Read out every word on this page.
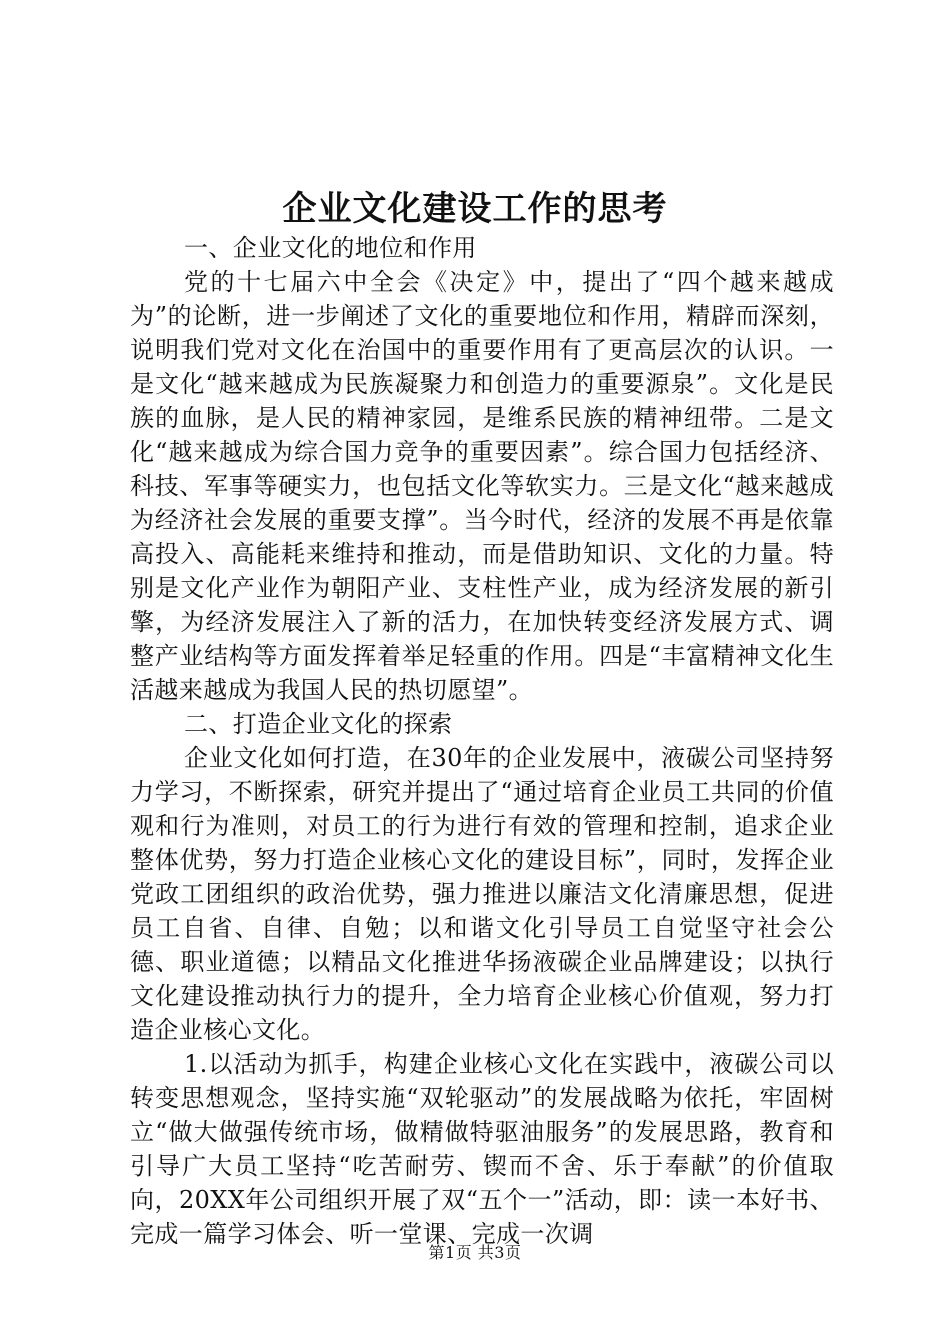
企业文化建设工作的思考

一、企业文化的地位和作用

党的十七届六中全会《决定》中，提出了“四个越来越成为”的论断，进一步阐述了文化的重要地位和作用，精辟而深刻，说明我们党对文化在治国中的重要作用有了更高层次的认识。一是文化“越来越成为民族凝聚力和创造力的重要源泉”。文化是民族的血脉，是人民的精神家园，是维系民族的精神纽带。二是文化“越来越成为综合国力竞争的重要因素”。综合国力包括经济、科技、军事等硬实力，也包括文化等软实力。三是文化“越来越成为经济社会发展的重要支撑”。当今时代，经济的发展不再是依靠高投入、高能耗来维持和推动，而是借助知识、文化的力量。特别是文化产业作为朝阳产业、支柱性产业，成为经济发展的新引擎，为经济发展注入了新的活力，在加快转变经济发展方式、调整产业结构等方面发挥着举足轻重的作用。四是“丰富精神文化生活越来越成为我国人民的热切愿望”。

二、打造企业文化的探索

企业文化如何打造，在30年的企业发展中，液碳公司坚持努力学习，不断探索，研究并提出了“通过培育企业员工共同的价值观和行为准则，对员工的行为进行有效的管理和控制，追求企业整体优势，努力打造企业核心文化的建设目标”，同时，发挥企业党政工团组织的政治优势，强力推进以廉洁文化清廉思想，促进员工自省、自律、自勉；以和谐文化引导员工自觉坚守社会公德、职业道德；以精品文化推进华扬液碳企业品牌建设；以执行文化建设推动执行力的提升，全力培育企业核心价值观，努力打造企业核心文化。

1.以活动为抓手，构建企业核心文化在实践中，液碳公司以转变思想观念，坚持实施“双轮驱动”的发展战略为依托，牢固树立“做大做强传统市场，做精做特驱油服务”的发展思路，教育和引导广大员工坚持“吃苦耐劳、锲而不舍、乐于奉献”的价值取向，20XX年公司组织开展了双“五个一”活动，即：读一本好书、完成一篇学习体会、听一堂课、完成一次调

第1页 共3页
